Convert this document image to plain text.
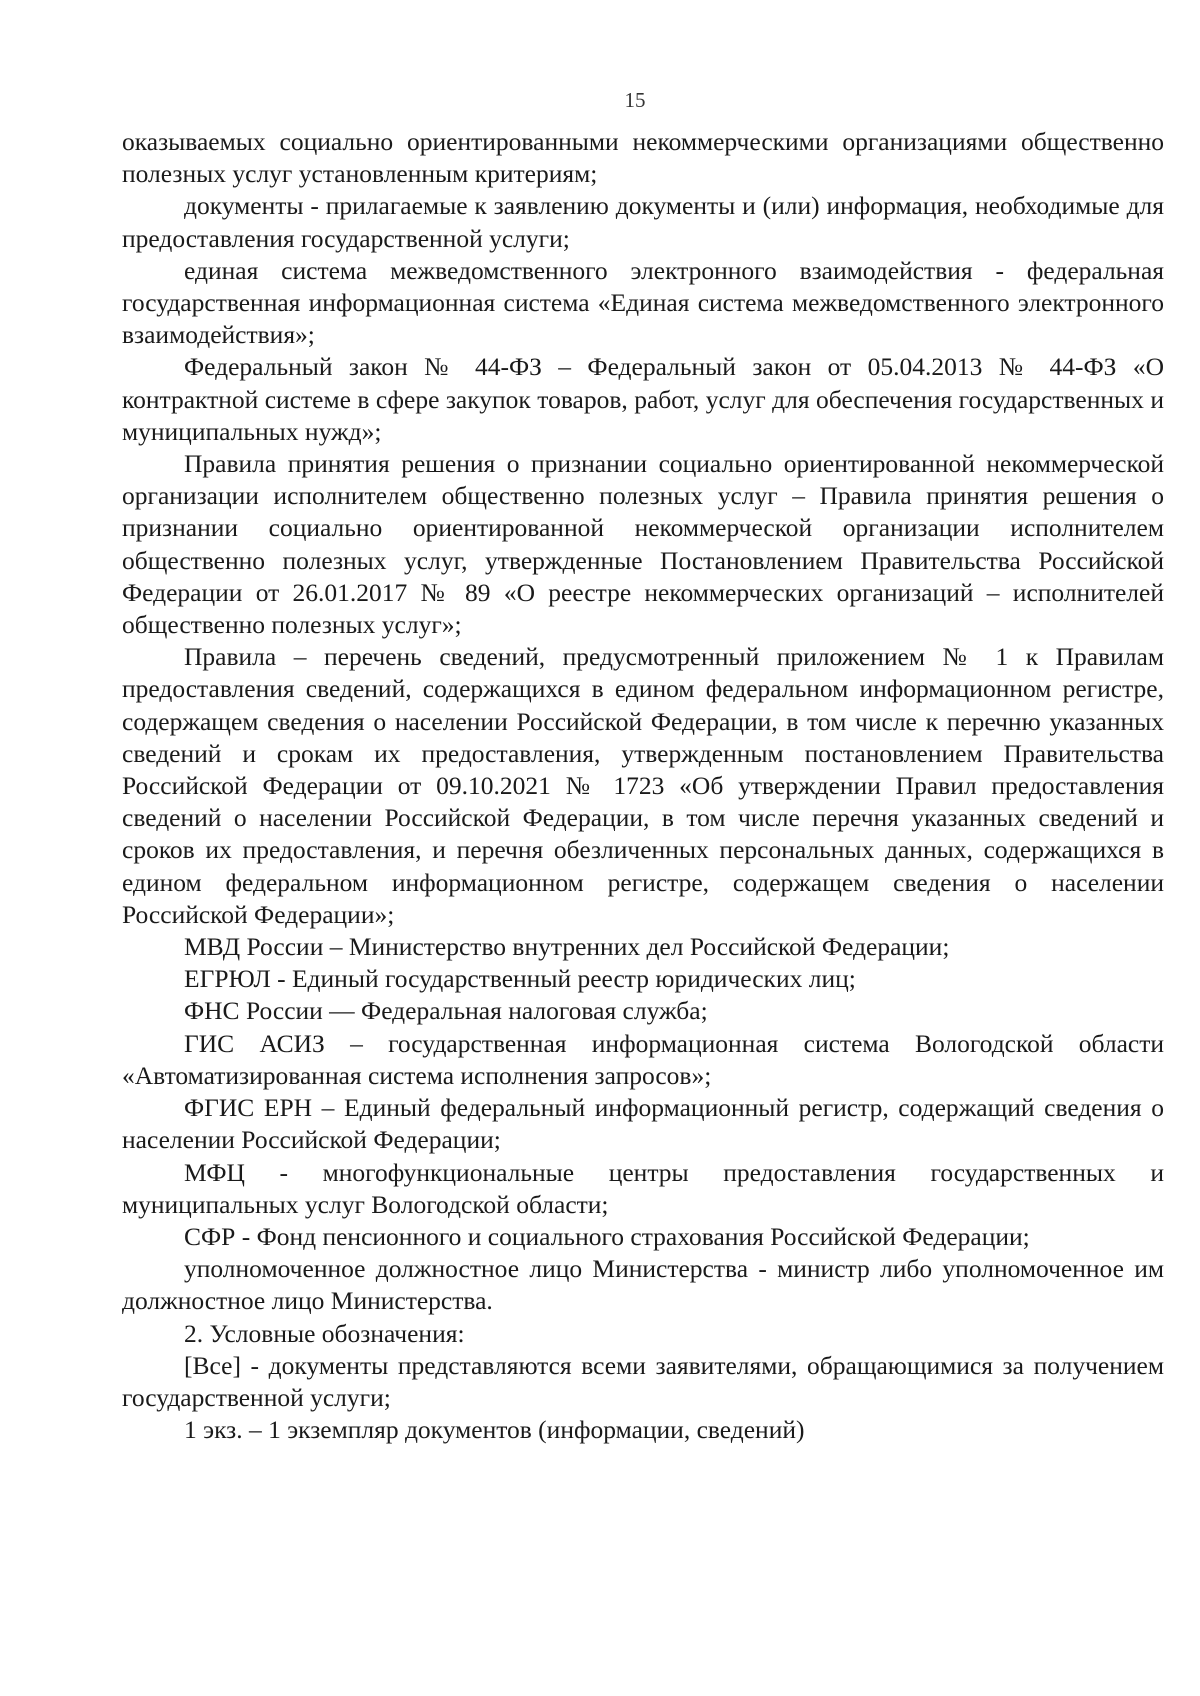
15

оказываемых социально ориентированными некоммерческими организациями общественно полезных услуг установленным критериям;

документы - прилагаемые к заявлению документы и (или) информация, необходимые для предоставления государственной услуги;

единая система межведомственного электронного взаимодействия - федеральная государственная информационная система «Единая система межведомственного электронного взаимодействия»;

Федеральный закон № 44-ФЗ – Федеральный закон от 05.04.2013 № 44-ФЗ «О контрактной системе в сфере закупок товаров, работ, услуг для обеспечения государственных и муниципальных нужд»;

Правила принятия решения о признании социально ориентированной некоммерческой организации исполнителем общественно полезных услуг – Правила принятия решения о признании социально ориентированной некоммерческой организации исполнителем общественно полезных услуг, утвержденные Постановлением Правительства Российской Федерации от 26.01.2017 № 89 «О реестре некоммерческих организаций – исполнителей общественно полезных услуг»;

Правила – перечень сведений, предусмотренный приложением № 1 к Правилам предоставления сведений, содержащихся в едином федеральном информационном регистре, содержащем сведения о населении Российской Федерации, в том числе к перечню указанных сведений и срокам их предоставления, утвержденным постановлением Правительства Российской Федерации от 09.10.2021 № 1723 «Об утверждении Правил предоставления сведений о населении Российской Федерации, в том числе перечня указанных сведений и сроков их предоставления, и перечня обезличенных персональных данных, содержащихся в едином федеральном информационном регистре, содержащем сведения о населении Российской Федерации»;

МВД России – Министерство внутренних дел Российской Федерации;

ЕГРЮЛ - Единый государственный реестр юридических лиц;

ФНС России — Федеральная налоговая служба;

ГИС АСИЗ – государственная информационная система Вологодской области «Автоматизированная система исполнения запросов»;

ФГИС ЕРН – Единый федеральный информационный регистр, содержащий сведения о населении Российской Федерации;

МФЦ - многофункциональные центры предоставления государственных и муниципальных услуг Вологодской области;

СФР - Фонд пенсионного и социального страхования Российской Федерации;

уполномоченное должностное лицо Министерства - министр либо уполномоченное им должностное лицо Министерства.

2. Условные обозначения:

[Все] - документы представляются всеми заявителями, обращающимися за получением государственной услуги;

1 экз. – 1 экземпляр документов (информации, сведений)
